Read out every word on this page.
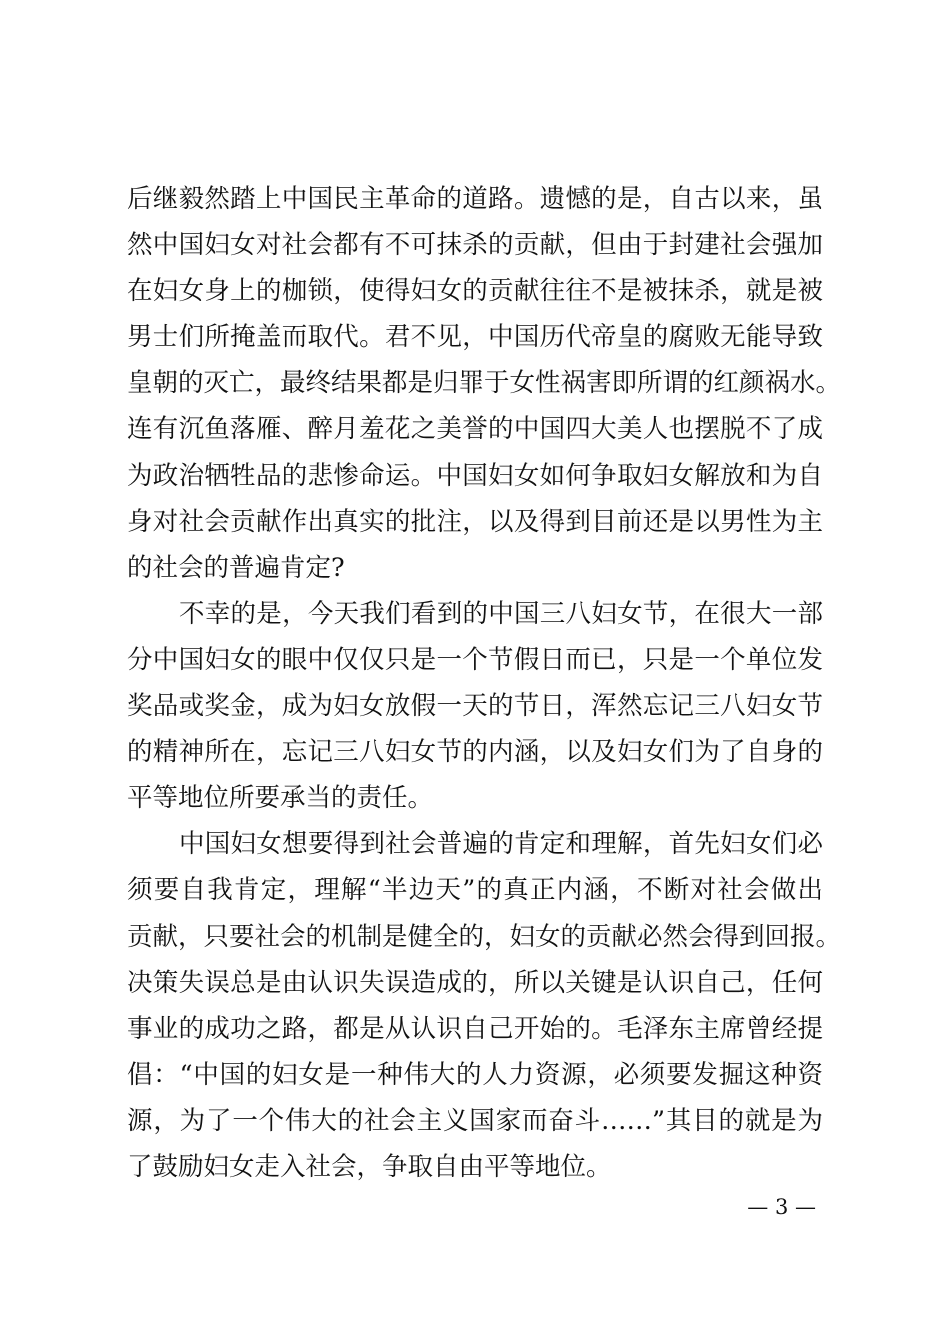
后继毅然踏上中国民主革命的道路。遗憾的是，自古以来，虽
然中国妇女对社会都有不可抹杀的贡献，但由于封建社会强加
在妇女身上的枷锁，使得妇女的贡献往往不是被抹杀，就是被
男士们所掩盖而取代。君不见，中国历代帝皇的腐败无能导致
皇朝的灭亡，最终结果都是归罪于女性祸害即所谓的红颜祸水。
连有沉鱼落雁、醉月羞花之美誉的中国四大美人也摆脱不了成
为政治牺牲品的悲惨命运。中国妇女如何争取妇女解放和为自
身对社会贡献作出真实的批注，以及得到目前还是以男性为主
的社会的普遍肯定?
不幸的是，今天我们看到的中国三八妇女节，在很大一部
分中国妇女的眼中仅仅只是一个节假日而已，只是一个单位发
奖品或奖金，成为妇女放假一天的节日，浑然忘记三八妇女节
的精神所在，忘记三八妇女节的内涵，以及妇女们为了自身的
平等地位所要承当的责任。
中国妇女想要得到社会普遍的肯定和理解，首先妇女们必
须要自我肯定，理解“半边天”的真正内涵，不断对社会做出
贡献，只要社会的机制是健全的，妇女的贡献必然会得到回报。
决策失误总是由认识失误造成的，所以关键是认识自己，任何
事业的成功之路，都是从认识自己开始的。毛泽东主席曾经提
倡：“中国的妇女是一种伟大的人力资源，必须要发掘这种资
源，为了一个伟大的社会主义国家而奋斗……”其目的就是为
了鼓励妇女走入社会，争取自由平等地位。
— 3 —
